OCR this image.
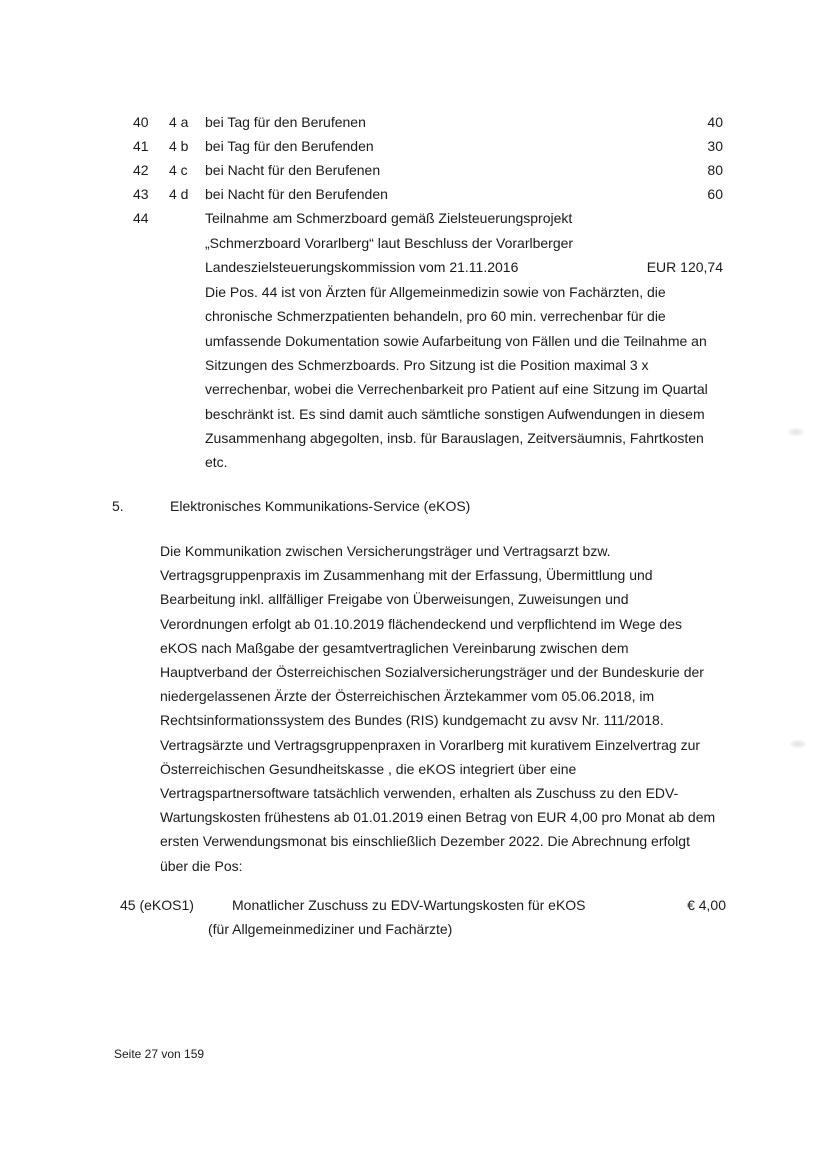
40 4 a bei Tag für den Berufenen	40
41 4 b bei Tag für den Berufenden	30
42 4 c bei Nacht für den Berufenen	80
43 4 d bei Nacht für den Berufenden	60
44	Teilnahme am Schmerzboard gemäß Zielsteuerungsprojekt
„Schmerzboard Vorarlberg“ laut Beschluss der Vorarlberger
Landeszielsteuerungskommission vom 21.11.2016	EUR 120,74
Die Pos. 44 ist von Ärzten für Allgemeinmedizin sowie von Fachärzten, die
chronische Schmerzpatienten behandeln, pro 60 min. verrechenbar für die
umfassende Dokumentation sowie Aufarbeitung von Fällen und die Teilnahme an
Sitzungen des Schmerzboards. Pro Sitzung ist die Position maximal 3 x
verrechenbar, wobei die Verrechenbarkeit pro Patient auf eine Sitzung im Quartal
beschränkt ist. Es sind damit auch sämtliche sonstigen Aufwendungen in diesem
Zusammenhang abgegolten, insb. für Barauslagen, Zeitversäumnis, Fahrtkosten
etc.
5.	Elektronisches Kommunikations-Service (eKOS)
Die Kommunikation zwischen Versicherungsträger und Vertragsarzt bzw.
Vertragsgruppenpraxis im Zusammenhang mit der Erfassung, Übermittlung und
Bearbeitung inkl. allfälliger Freigabe von Überweisungen, Zuweisungen und
Verordnungen erfolgt ab 01.10.2019 flächendeckend und verpflichtend im Wege des
eKOS nach Maßgabe der gesamtvertraglichen Vereinbarung zwischen dem
Hauptverband der Österreichischen Sozialversicherungsträger und der Bundeskurie der
niedergelassenen Ärzte der Österreichischen Ärztekammer vom 05.06.2018, im
Rechtsinformationssystem des Bundes (RIS) kundgemacht zu avsv Nr. 111/2018.
Vertragsärzte und Vertragsgruppenpraxen in Vorarlberg mit kurativem Einzelvertrag zur
Österreichischen Gesundheitskasse , die eKOS integriert über eine
Vertragspartnersoftware tatsächlich verwenden, erhalten als Zuschuss zu den EDV-
Wartungskosten frühestens ab 01.01.2019 einen Betrag von EUR 4,00 pro Monat ab dem
ersten Verwendungsmonat bis einschließlich Dezember 2022. Die Abrechnung erfolgt
über die Pos:
45 (eKOS1)	Monatlicher Zuschuss zu EDV-Wartungskosten für eKOS	€ 4,00
(für Allgemeinmediziner und Fachärzte)
Seite 27 von 159
